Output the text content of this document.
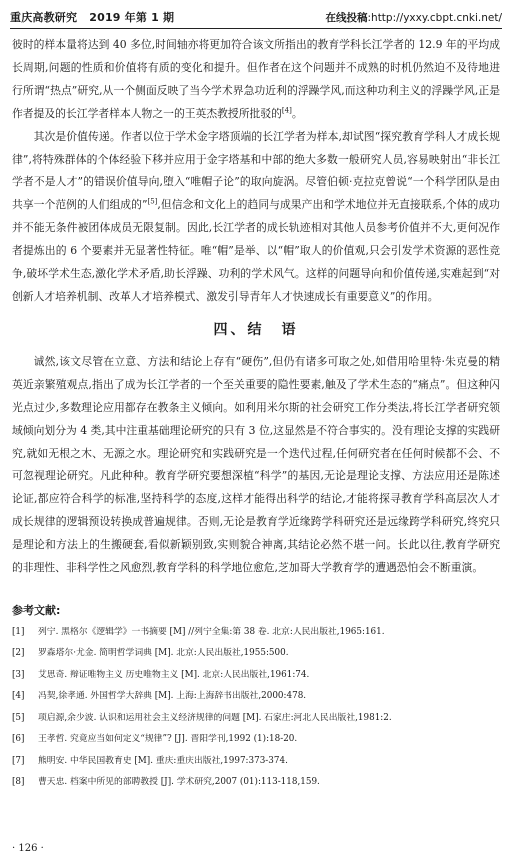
重庆高教研究 2019 年第 1 期	在线投稿:http://yxxy.cbpt.cnki.net/

彼时的样本量将达到 40 多位,时间轴亦将更加符合该文所指出的教育学科长江学者的 12.9 年的平均成长周期,问题的性质和价值将有质的变化和提升。但作者在这个问题并不成熟的时机仍然迫不及待地进行所谓“热点”研究,从一个侧面反映了当今学术界急功近利的浮躁学风,而这种功利主义的浮躁学风,正是作者提及的长江学者样本人物之一的王英杰教授所批驳的[4]。

其次是价值传递。作者以位于学术金字塔顶端的长江学者为样本,却试图“探究教育学科人才成长规律”,将特殊群体的个体经验下移并应用于金字塔基和中部的绝大多数一般研究人员,容易映射出“非长江学者不是人才”的错误价值导向,堕入“唯帽子论”的取向旋涡。尽管伯顿·克拉克曾说“一个科学团队是由共享一个范例的人们组成的”[5],但信念和文化上的趋同与成果产出和学术地位并无直接联系,个体的成功并不能无条件被团体成员无限复制。因此,长江学者的成长轨迹相对其他人员参考价值并不大,更何况作者提炼出的 6 个要素并无显著性特征。唯“帽”是举、以“帽”取人的价值观,只会引发学术资源的恶性竞争,破坏学术生态,激化学术矛盾,助长浮躁、功利的学术风气。这样的问题导向和价值传递,实难起到“对创新人才培养机制、改革人才培养模式、激发引导青年人才快速成长有重要意义”的作用。

四、结　语

诚然,该文尽管在立意、方法和结论上存有“硬伤”,但仍有诸多可取之处,如借用哈里特·朱克曼的精英近亲繁殖观点,指出了成为长江学者的一个至关重要的隐性要素,触及了学术生态的“痛点”。但这种闪光点过少,多数理论应用都存在教条主义倾向。如利用米尔斯的社会研究工作分类法,将长江学者研究领域倾向划分为 4 类,其中注重基础理论研究的只有 3 位,这显然是不符合事实的。没有理论支撑的实践研究,就如无根之木、无源之水。理论研究和实践研究是一个迭代过程,任何研究者在任何时候都不会、不可忽视理论研究。凡此种种。教育学研究要想深植“科学”的基因,无论是理论支撑、方法应用还是陈述论证,都应符合科学的标准,坚持科学的态度,这样才能得出科学的结论,才能将探寻教育学科高层次人才成长规律的逻辑预设转换成普遍规律。否则,无论是教育学近缘跨学科研究还是远缘跨学科研究,终究只是理论和方法上的生搬硬套,看似新颖别致,实则貌合神离,其结论必然不堪一问。长此以往,教育学研究的非理性、非科学性之风愈烈,教育学科的科学地位愈危,芝加哥大学教育学的遭遇恐怕会不断重演。

参考文献:
[1]	列宁. 黑格尔《逻辑学》一书摘要 [M] //列宁全集:第 38 卷. 北京:人民出版社,1965:161.
[2]	罗森塔尔·尤金. 简明哲学词典 [M]. 北京:人民出版社,1955:500.
[3]	艾思奇. 辩证唯物主义 历史唯物主义 [M]. 北京:人民出版社,1961:74.
[4]	冯契,徐孝通. 外国哲学大辞典 [M]. 上海:上海辞书出版社,2000:478.
[5]	项启源,余少波. 认识和运用社会主义经济规律的问题 [M]. 石家庄:河北人民出版社,1981:2.
[6]	王孝哲. 究竟应当如何定义“规律”? [J]. 晋阳学刊,1992 (1):18-20.
[7]	熊明安. 中华民国教育史 [M]. 重庆:重庆出版社,1997:373-374.
[8]	曹天忠. 档案中所见的部聘教授 [J]. 学术研究,2007 (01):113-118,159.
· 126 ·
